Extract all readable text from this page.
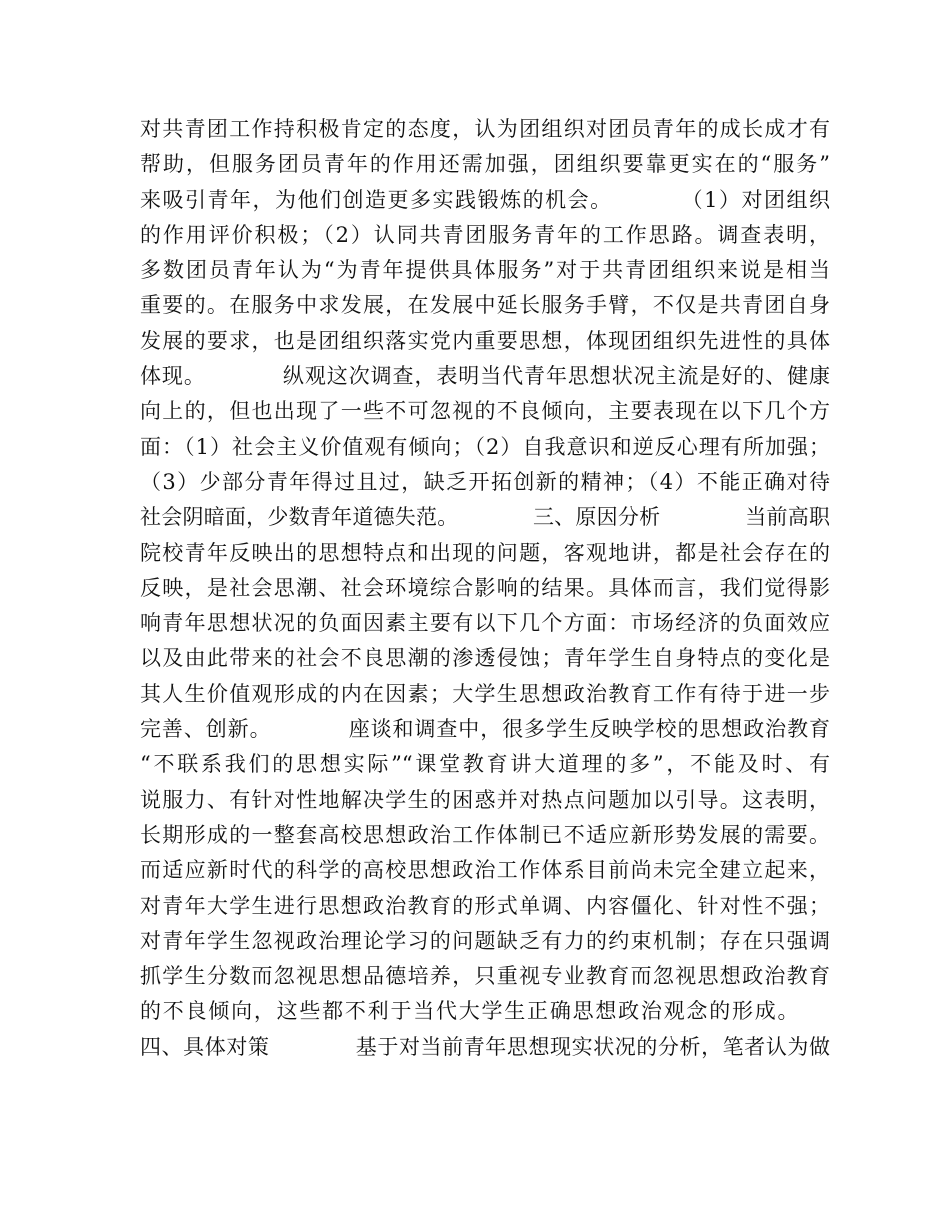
对共青团工作持积极肯定的态度，认为团组织对团员青年的成长成才有
帮助，但服务团员青年的作用还需加强，团组织要靠更实在的“服务”
来吸引青年，为他们创造更多实践锻炼的机会。　　　　（1）对团组织
的作用评价积极；（2）认同共青团服务青年的工作思路。调查表明，
多数团员青年认为“为青年提供具体服务”对于共青团组织来说是相当
重要的。在服务中求发展，在发展中延长服务手臂，不仅是共青团自身
发展的要求，也是团组织落实党内重要思想，体现团组织先进性的具体
体现。　　　　纵观这次调查，表明当代青年思想状况主流是好的、健康
向上的，但也出现了一些不可忽视的不良倾向，主要表现在以下几个方
面：（1）社会主义价值观有倾向；（2）自我意识和逆反心理有所加强；
（3）少部分青年得过且过，缺乏开拓创新的精神；（4）不能正确对待
社会阴暗面，少数青年道德失范。　　　　三、原因分析　　　　当前高职
院校青年反映出的思想特点和出现的问题，客观地讲，都是社会存在的
反映，是社会思潮、社会环境综合影响的结果。具体而言，我们觉得影
响青年思想状况的负面因素主要有以下几个方面：市场经济的负面效应
以及由此带来的社会不良思潮的渗透侵蚀；青年学生自身特点的变化是
其人生价值观形成的内在因素；大学生思想政治教育工作有待于进一步
完善、创新。　　　　座谈和调查中，很多学生反映学校的思想政治教育
“不联系我们的思想实际”“课堂教育讲大道理的多”，不能及时、有
说服力、有针对性地解决学生的困惑并对热点问题加以引导。这表明，
长期形成的一整套高校思想政治工作体制已不适应新形势发展的需要。
而适应新时代的科学的高校思想政治工作体系目前尚未完全建立起来，
对青年大学生进行思想政治教育的形式单调、内容僵化、针对性不强；
对青年学生忽视政治理论学习的问题缺乏有力的约束机制；存在只强调
抓学生分数而忽视思想品德培养，只重视专业教育而忽视思想政治教育
的不良倾向，这些都不利于当代大学生正确思想政治观念的形成。　　
四、具体对策　　　　基于对当前青年思想现实状况的分析，笔者认为做
